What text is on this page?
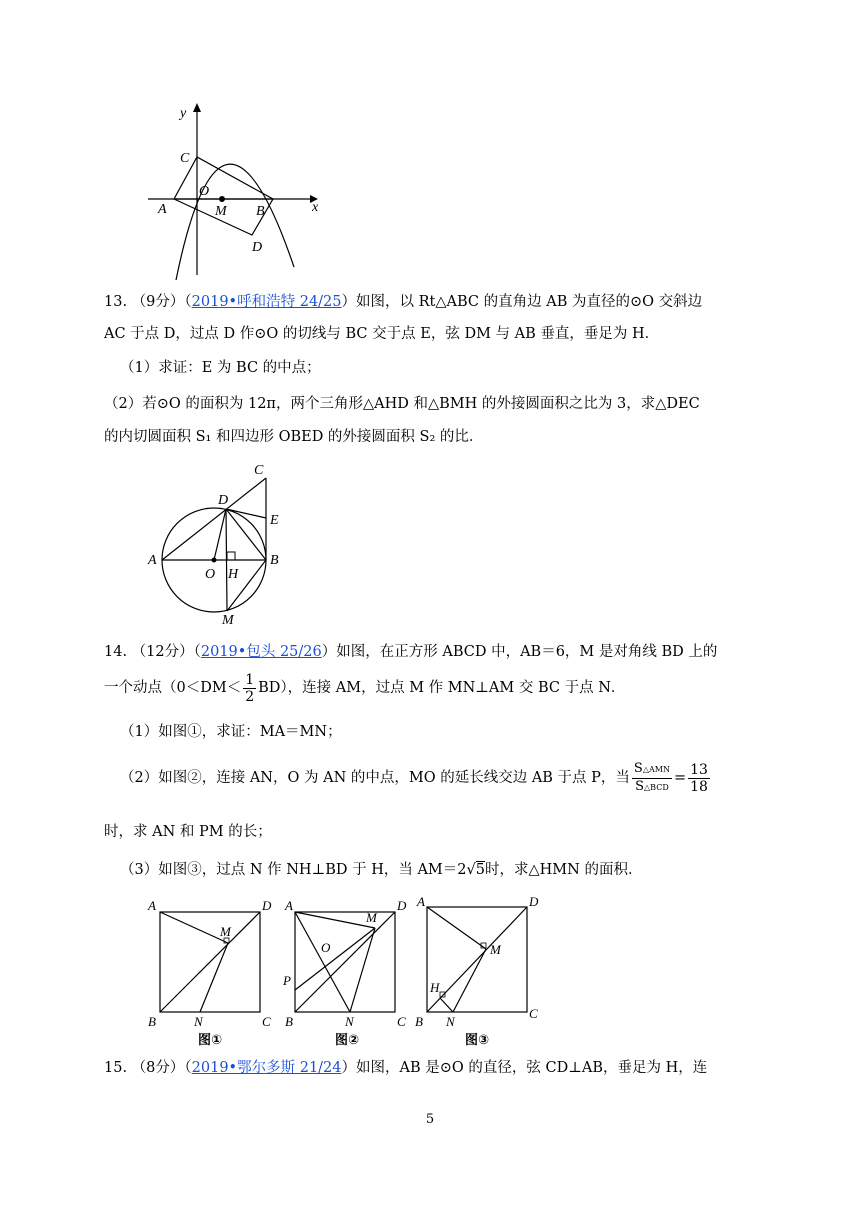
x
y
C
O
A	M B
D
13. （9分）（2019•呼和浩特 24/25）如图，以 Rt△ABC 的直角边 AB 为直径的⊙O 交斜边
AC 于点 D，过点 D 作⊙O 的切线与 BC 交于点 E，弦 DM 与 AB 垂直，垂足为 H．
（1）求证：E 为 BC 的中点；
（2）若⊙O 的面积为 12π，两个三角形△AHD 和△BMH 的外接圆面积之比为 3，求△DEC
的内切圆面积 S₁ 和四边形 OBED 的外接圆面积 S₂ 的比．
C
D
E
A
O H
B
M
14. （12分）（2019•包头 25/26）如图，在正方形 ABCD 中，AB＝6，M 是对角线 BD 上的
一个动点$(0<DM< \frac{1}{2} BD)$，连接 AM，过点 M 作 MN⊥AM 交 BC 于点 N．
（1）如图①，求证：MA＝MN；
（2）如图②，连接 AN，O 为 AN 的中点，MO 的延长线交边 AB 于点 P，当 $\frac{\text{S△AMN}}{\text{S△BCD}} = \frac{13}{18}$
时，求 AN 和 PM 的长；
（3）如图③，过点 N 作 NH⊥BD 于 H，当 AM＝2√5时，求△HMN 的面积．
A	D
M
B	N	C
图①
A	D
M
O
P
B	N	C
图②
A	D
M
H
B N
C
图③
15. （8分）（2019•鄂尔多斯 21/24）如图，AB 是⊙O 的直径，弦 CD⊥AB，垂足为 H，连
5
